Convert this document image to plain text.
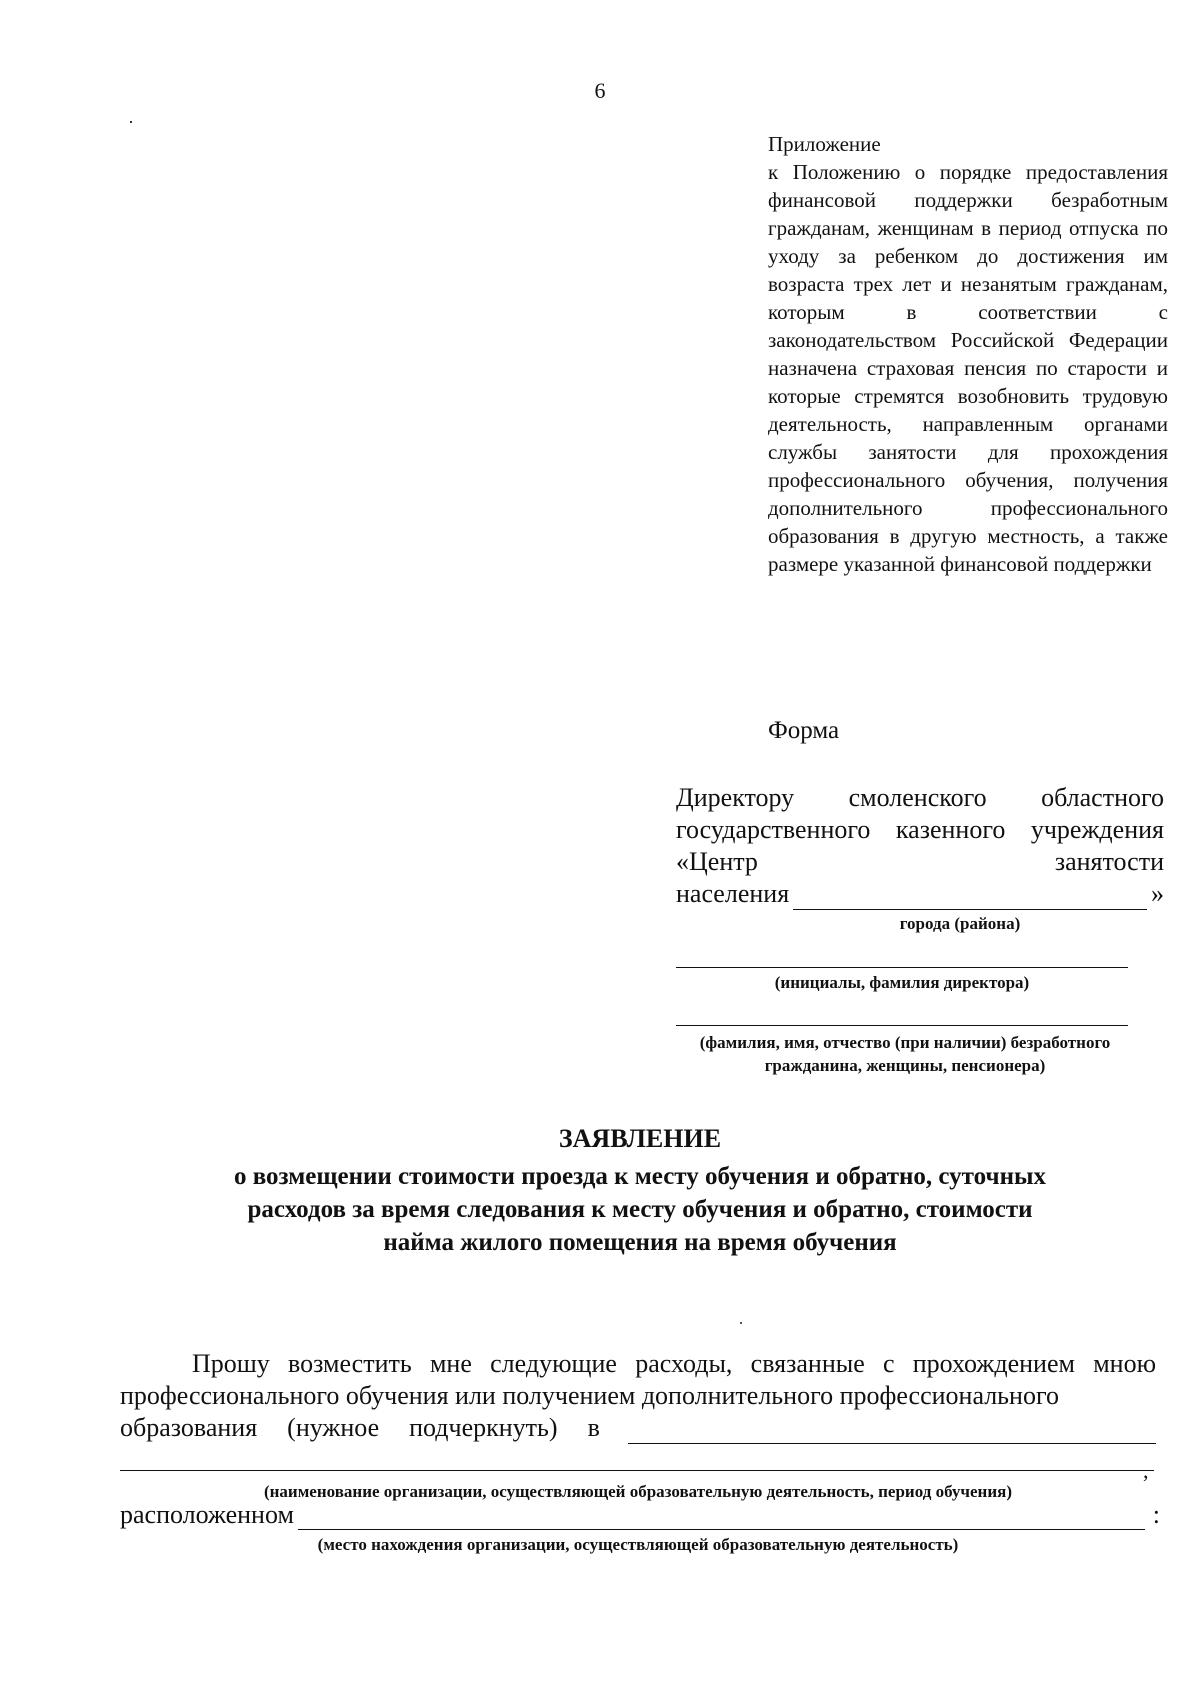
6
Приложение
к Положению о порядке предоставления финансовой поддержки безработным гражданам, женщинам в период отпуска по уходу за ребенком до достижения им возраста трех лет и незанятым гражданам, которым в соответствии с законодательством Российской Федерации назначена страховая пенсия по старости и которые стремятся возобновить трудовую деятельность, направленным органами службы занятости для прохождения профессионального обучения, получения дополнительного профессионального образования в другую местность, а также размере указанной финансовой поддержки
Форма
Директору смоленского областного государственного казенного учреждения «Центр занятости
населения	»
города (района)
(инициалы, фамилия директора)
(фамилия, имя, отчество (при наличии) безработного гражданина, женщины, пенсионера)
ЗАЯВЛЕНИЕ
о возмещении стоимости проезда к месту обучения и обратно, суточных расходов за время следования к месту обучения и обратно, стоимости найма жилого помещения на время обучения
Прошу возместить мне следующие расходы, связанные с прохождением мною профессионального обучения или получением дополнительного профессионального
образования (нужное подчеркнуть) в
,
(наименование организации, осуществляющей образовательную деятельность, период обучения)
расположенном	:
(место нахождения организации, осуществляющей образовательную деятельность)
